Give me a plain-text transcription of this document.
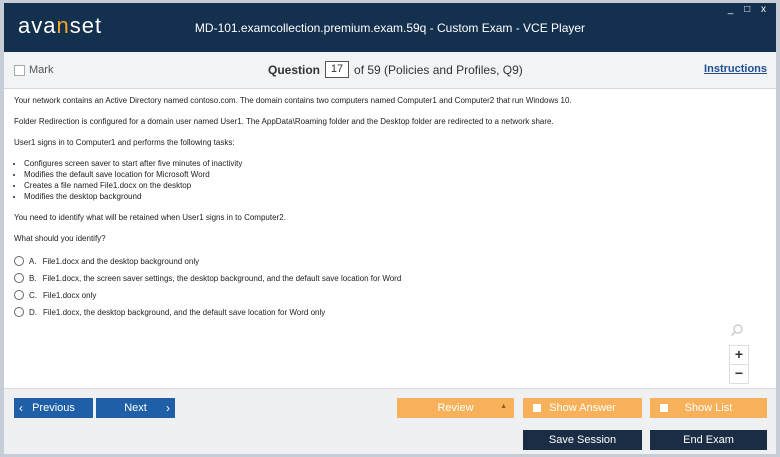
avanset	MD-101.examcollection.premium.exam.59q - Custom Exam - VCE Player
_ □ x
Mark	Question 17 of 59 (Policies and Profiles, Q9)	Instructions

Your network contains an Active Directory named contoso.com. The domain contains two computers named Computer1 and Computer2 that run Windows 10.

Folder Redirection is configured for a domain user named User1. The AppData\Roaming folder and the Desktop folder are redirected to a network share.

User1 signs in to Computer1 and performs the following tasks:

• Configures screen saver to start after five minutes of inactivity
• Modifies the default save location for Microsoft Word
• Creates a file named File1.docx on the desktop
• Modifies the desktop background

You need to identify what will be retained when User1 signs in to Computer2.

What should you identify?

A. File1.docx and the desktop background only
B. File1.docx, the screen saver settings, the desktop background, and the default save location for Word
C. File1.docx only
D. File1.docx, the desktop background, and the default save location for Word only
+
−
‹ Previous	Next ›	Review	▲	Show Answer	Show List
Save Session	End Exam
